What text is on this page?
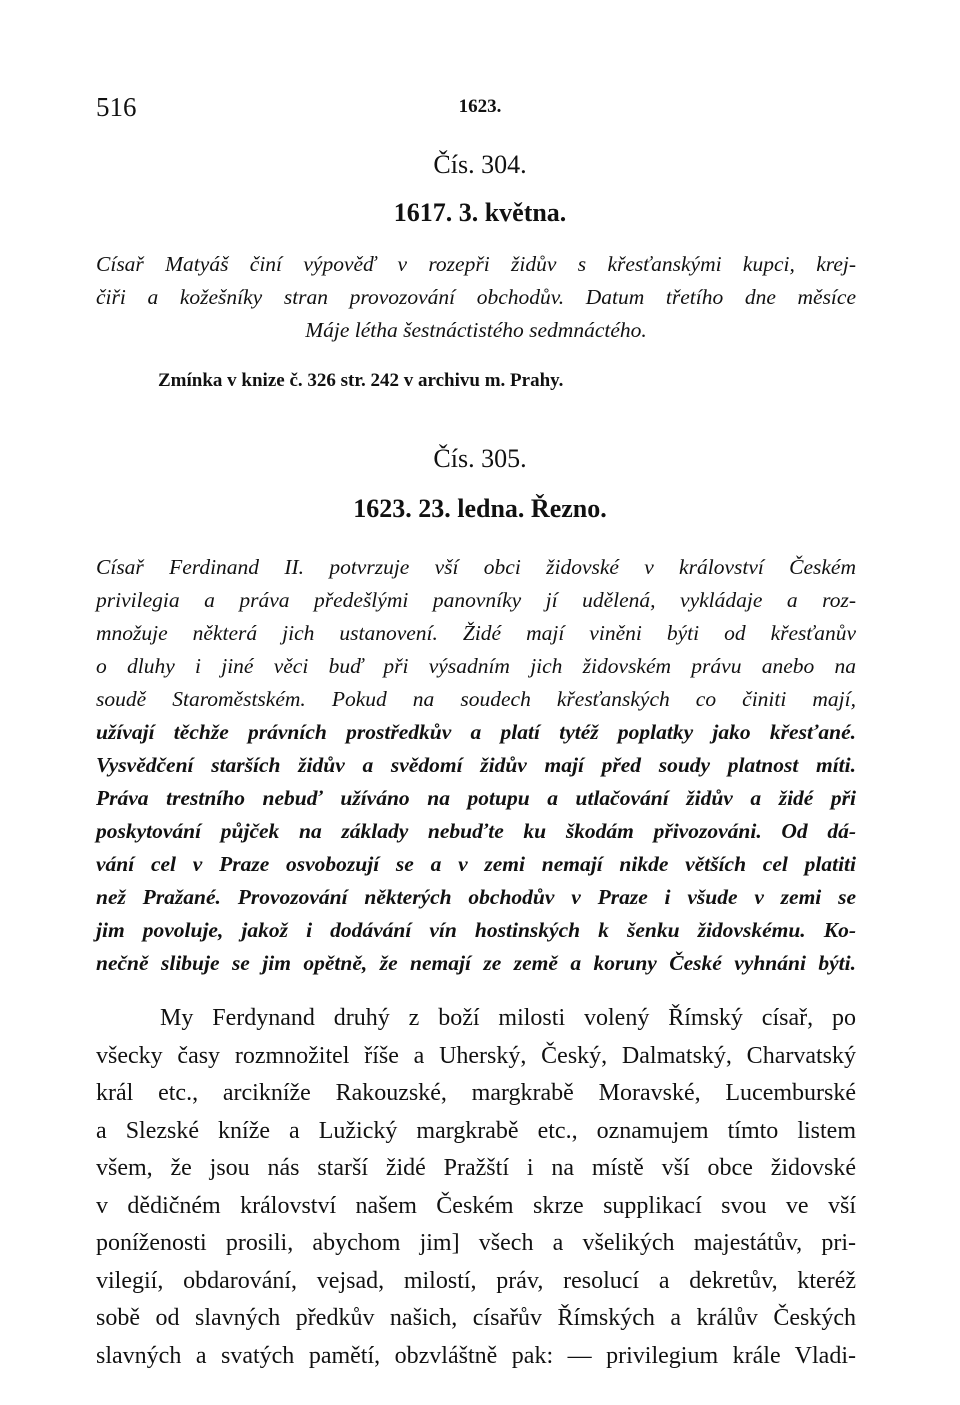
516	1623.
Čís. 304.
1617. 3. května.
Císař Matyáš činí výpověď v rozepři židův s křesťanskými kupci, krej-
čiři a kožešníky stran provozování obchodův. Datum třetího dne měsíce
Máje létha šestnáctistého sedmnáctého.
Zmínka v knize č. 326 str. 242 v archivu m. Prahy.
Čís. 305.
1623. 23. ledna. Řezno.
Císař Ferdinand II. potvrzuje vší obci židovské v království Českém
privilegia a práva předešlými panovníky jí udělená, vykládaje a roz-
množuje některá jich ustanovení. Židé mají viněni býti od křesťanův
o dluhy i jiné věci buď při výsadním jich židovském právu anebo na
soudě Staroměstském. Pokud na soudech křesťanských co činiti mají,
užívají těchže právních prostředkův a platí tytéž poplatky jako křesťané.
Vysvědčení starších židův a svědomí židův mají před soudy platnost míti.
Práva trestního nebuď užíváno na potupu a utlačování židův a židé při
poskytování půjček na základy nebuďte ku škodám přivozováni. Od dá-
vání cel v Praze osvobozují se a v zemi nemají nikde větších cel platiti
než Pražané. Provozování některých obchodův v Praze i všude v zemi se
jim povoluje, jakož i dodávání vín hostinských k šenku židovskému. Ko-
nečně slibuje se jim opětně, že nemají ze země a koruny České vyhnáni býti.
My Ferdynand druhý z boží milosti volený Římský císař, po
všecky časy rozmnožitel říše a Uherský, Český, Dalmatský, Charvatský
král etc., arcikníže Rakouzské, margkrabě Moravské, Lucemburské
a Slezské kníže a Lužický margkrabě etc., oznamujem tímto listem
všem, že jsou nás starší židé Pražští i na místě vší obce židovské
v dědičném království našem Českém skrze supplikací svou ve vší
poníženosti prosili, abychom jim] všech a všelikých majestátův, pri-
vilegií, obdarování, vejsad, milostí, práv, resolucí a dekretův, kteréž
sobě od slavných předkův našich, císařův Římských a králův Českých
slavných a svatých pamětí, obzvláštně pak: — privilegium krále Vladi-
